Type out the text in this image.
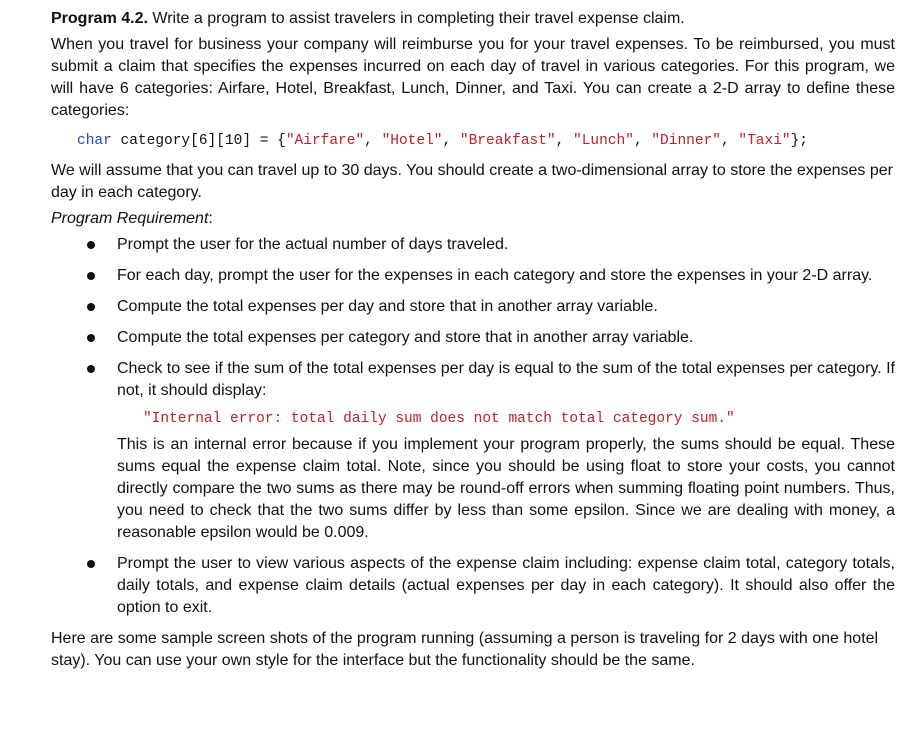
Program 4.2. Write a program to assist travelers in completing their travel expense claim.

When you travel for business your company will reimburse you for your travel expenses. To be reimbursed, you must submit a claim that specifies the expenses incurred on each day of travel in various categories. For this program, we will have 6 categories: Airfare, Hotel, Breakfast, Lunch, Dinner, and Taxi. You can create a 2-D array to define these categories:

char category[6][10] = {"Airfare", "Hotel", "Breakfast", "Lunch", "Dinner", "Taxi"};

We will assume that you can travel up to 30 days. You should create a two-dimensional array to store the expenses per day in each category.

Program Requirement:

Prompt the user for the actual number of days traveled.
For each day, prompt the user for the expenses in each category and store the expenses in your 2-D array.
Compute the total expenses per day and store that in another array variable.
Compute the total expenses per category and store that in another array variable.
Check to see if the sum of the total expenses per day is equal to the sum of the total expenses per category. If not, it should display:
"Internal error: total daily sum does not match total category sum."
This is an internal error because if you implement your program properly, the sums should be equal. These sums equal the expense claim total. Note, since you should be using float to store your costs, you cannot directly compare the two sums as there may be round-off errors when summing floating point numbers. Thus, you need to check that the two sums differ by less than some epsilon. Since we are dealing with money, a reasonable epsilon would be 0.009.
Prompt the user to view various aspects of the expense claim including: expense claim total, category totals, daily totals, and expense claim details (actual expenses per day in each category). It should also offer the option to exit.

Here are some sample screen shots of the program running (assuming a person is traveling for 2 days with one hotel stay). You can use your own style for the interface but the functionality should be the same.
